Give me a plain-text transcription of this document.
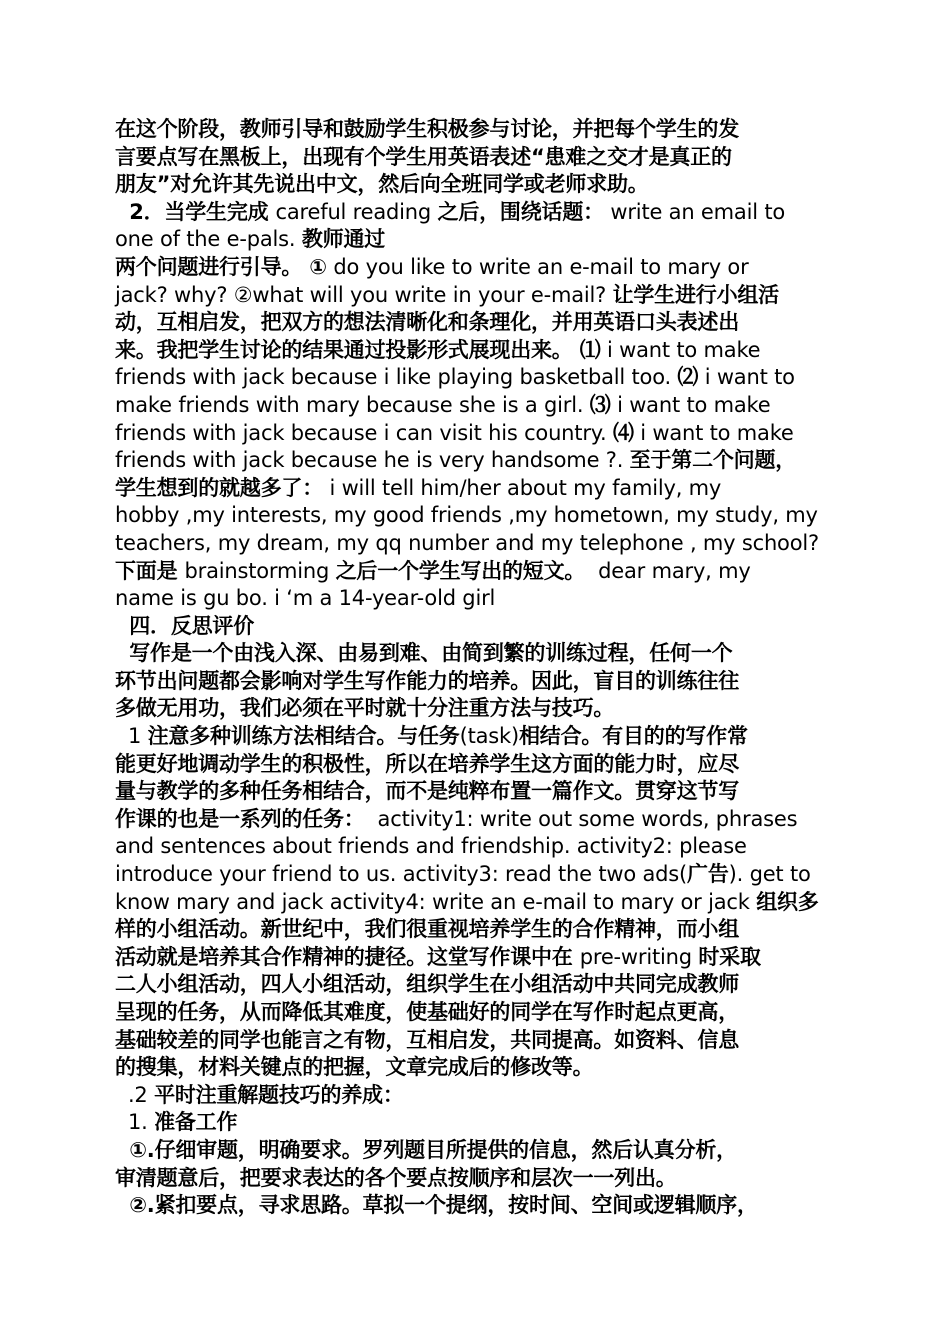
在这个阶段，教师引导和鼓励学生积极参与讨论，并把每个学生的发
言要点写在黑板上，出现有个学生用英语表述“患难之交才是真正的
朋友”对允许其先说出中文，然后向全班同学或老师求助。
2．当学生完成 careful reading 之后，围绕话题： write an email to
one of the e-pals. 教师通过
两个问题进行引导。 ① do you like to write an e-mail to mary or
jack? why? ②what will you write in your e-mail? 让学生进行小组活
动，互相启发，把双方的想法清晰化和条理化，并用英语口头表述出
来。我把学生讨论的结果通过投影形式展现出来。 ⑴ i want to make
friends with jack because i like playing basketball too. ⑵ i want to
make friends with mary because she is a girl. ⑶ i want to make
friends with jack because i can visit his country. ⑷ i want to make
friends with jack because he is very handsome ?. 至于第二个问题，
学生想到的就越多了： i will tell him/her about my family, my
hobby ,my interests, my good friends ,my hometown, my study, my
teachers, my dream, my qq number and my telephone , my school?
下面是 brainstorming 之后一个学生写出的短文。  dear mary, my
name is gu bo. i ‘m a 14-year-old girl
四．反思评价
写作是一个由浅入深、由易到难、由简到繁的训练过程，任何一个
环节出问题都会影响对学生写作能力的培养。因此，盲目的训练往往
多做无用功，我们必须在平时就十分注重方法与技巧。
1 注意多种训练方法相结合。与任务(task)相结合。有目的的写作常
能更好地调动学生的积极性，所以在培养学生这方面的能力时，应尽
量与教学的多种任务相结合，而不是纯粹布置一篇作文。贯穿这节写
作课的也是一系列的任务：  activity1: write out some words, phrases
and sentences about friends and friendship. activity2: please
introduce your friend to us. activity3: read the two ads(广告). get to
know mary and jack activity4: write an e-mail to mary or jack 组织多
样的小组活动。新世纪中，我们很重视培养学生的合作精神，而小组
活动就是培养其合作精神的捷径。这堂写作课中在 pre-writing 时采取
二人小组活动，四人小组活动，组织学生在小组活动中共同完成教师
呈现的任务，从而降低其难度，使基础好的同学在写作时起点更高，
基础较差的同学也能言之有物，互相启发，共同提高。如资料、信息
的搜集，材料关键点的把握，文章完成后的修改等。
.2 平时注重解题技巧的养成：
1. 准备工作
①.仔细审题，明确要求。罗列题目所提供的信息，然后认真分析，
审清题意后，把要求表达的各个要点按顺序和层次一一列出。
②.紧扣要点，寻求思路。草拟一个提纲，按时间、空间或逻辑顺序，
